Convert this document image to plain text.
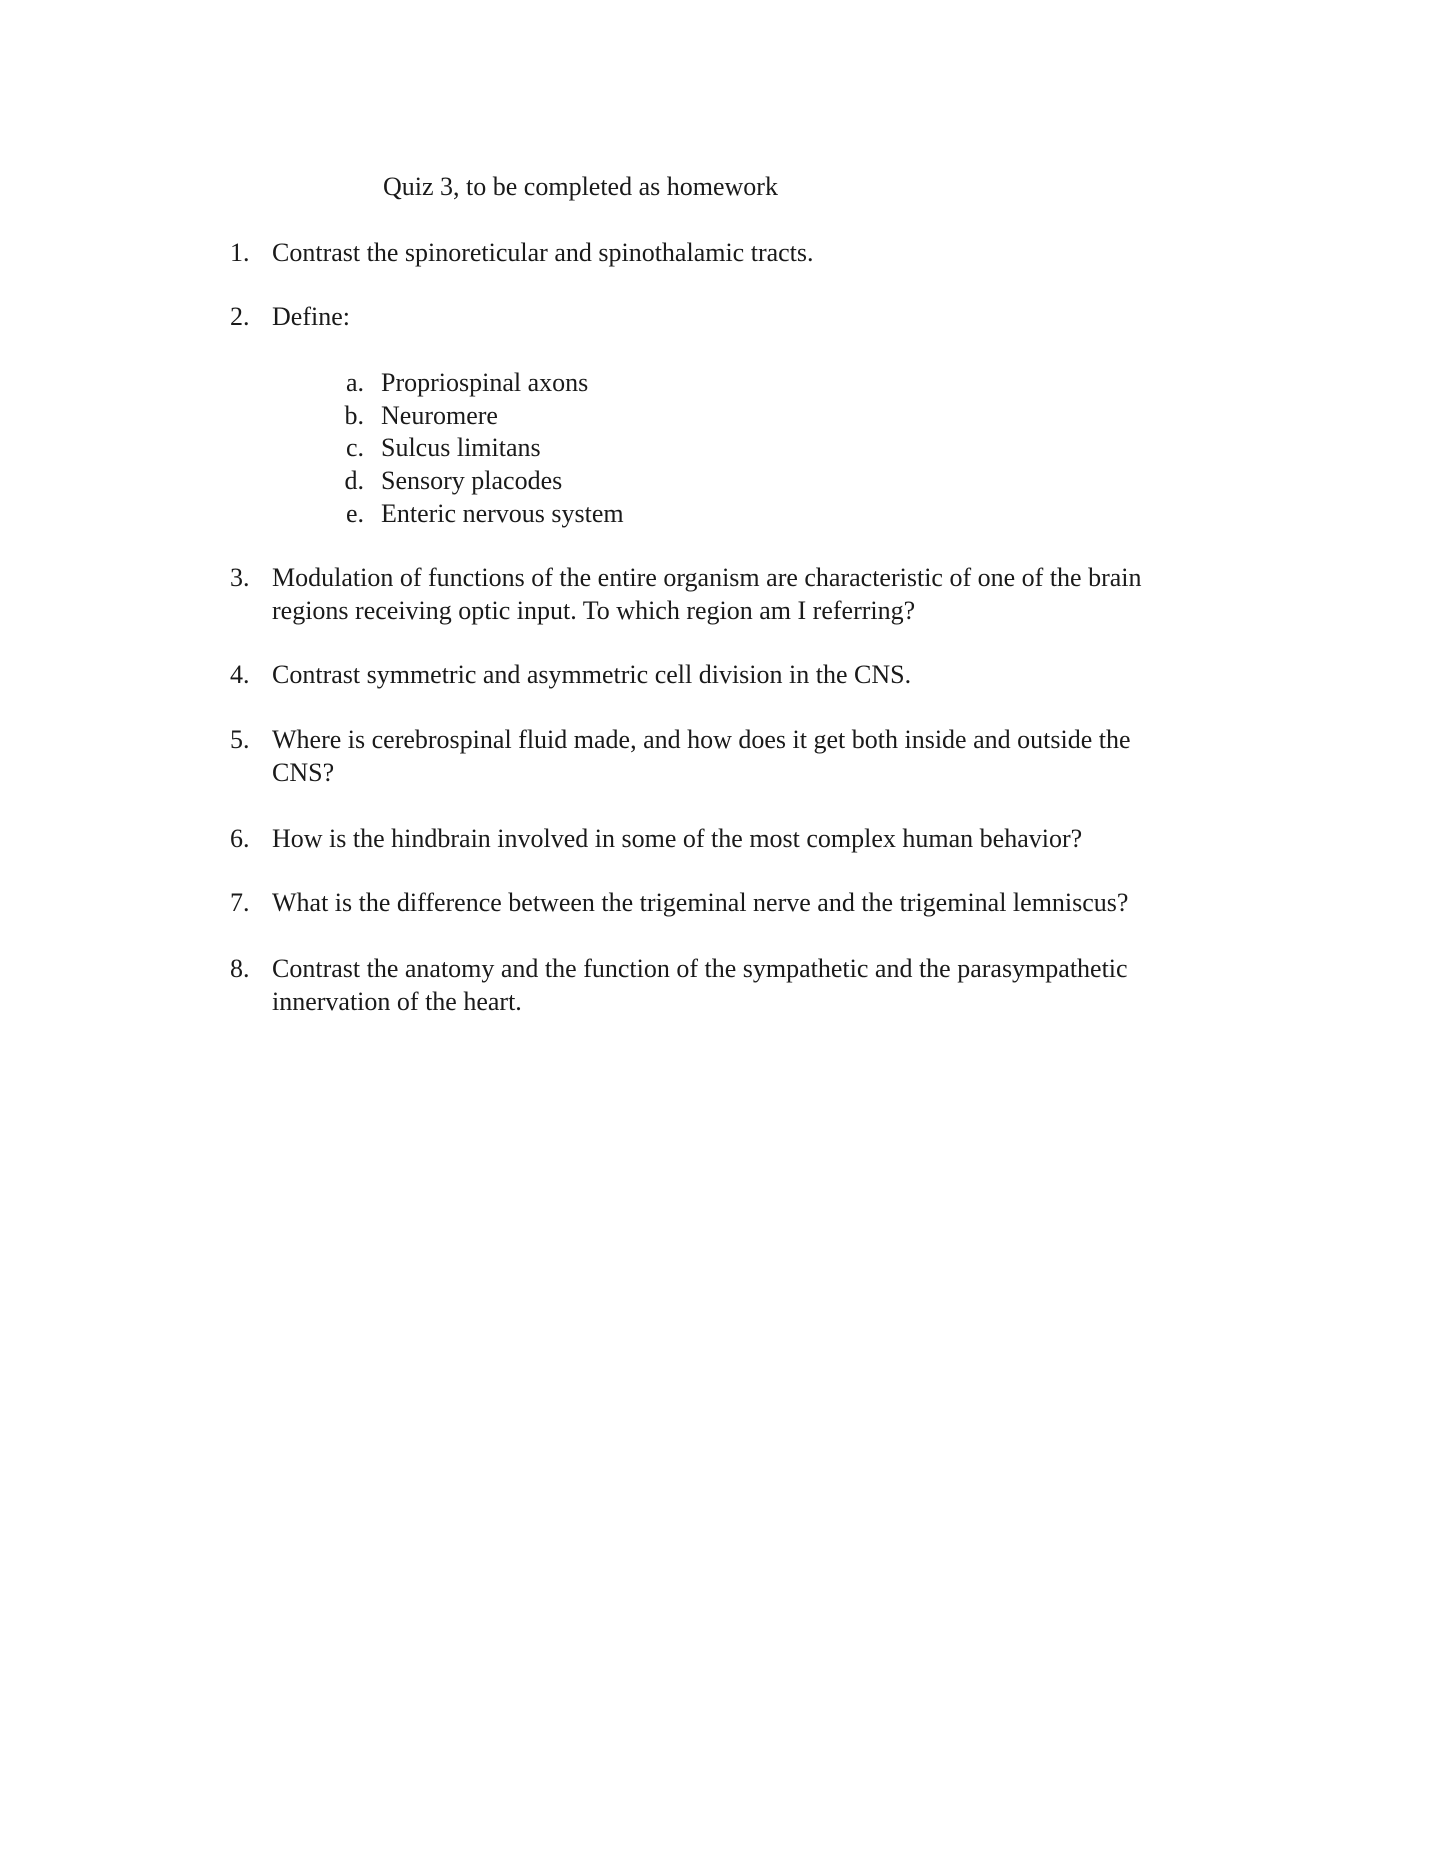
Quiz 3, to be completed as homework
1. Contrast the spinoreticular and spinothalamic tracts.
2. Define:
a. Propriospinal axons
b. Neuromere
c. Sulcus limitans
d. Sensory placodes
e. Enteric nervous system
3. Modulation of functions of the entire organism are characteristic of one of the brain
regions receiving optic input. To which region am I referring?
4. Contrast symmetric and asymmetric cell division in the CNS.
5. Where is cerebrospinal fluid made, and how does it get both inside and outside the
CNS?
6. How is the hindbrain involved in some of the most complex human behavior?
7. What is the difference between the trigeminal nerve and the trigeminal lemniscus?
8. Contrast the anatomy and the function of the sympathetic and the parasympathetic
innervation of the heart.
